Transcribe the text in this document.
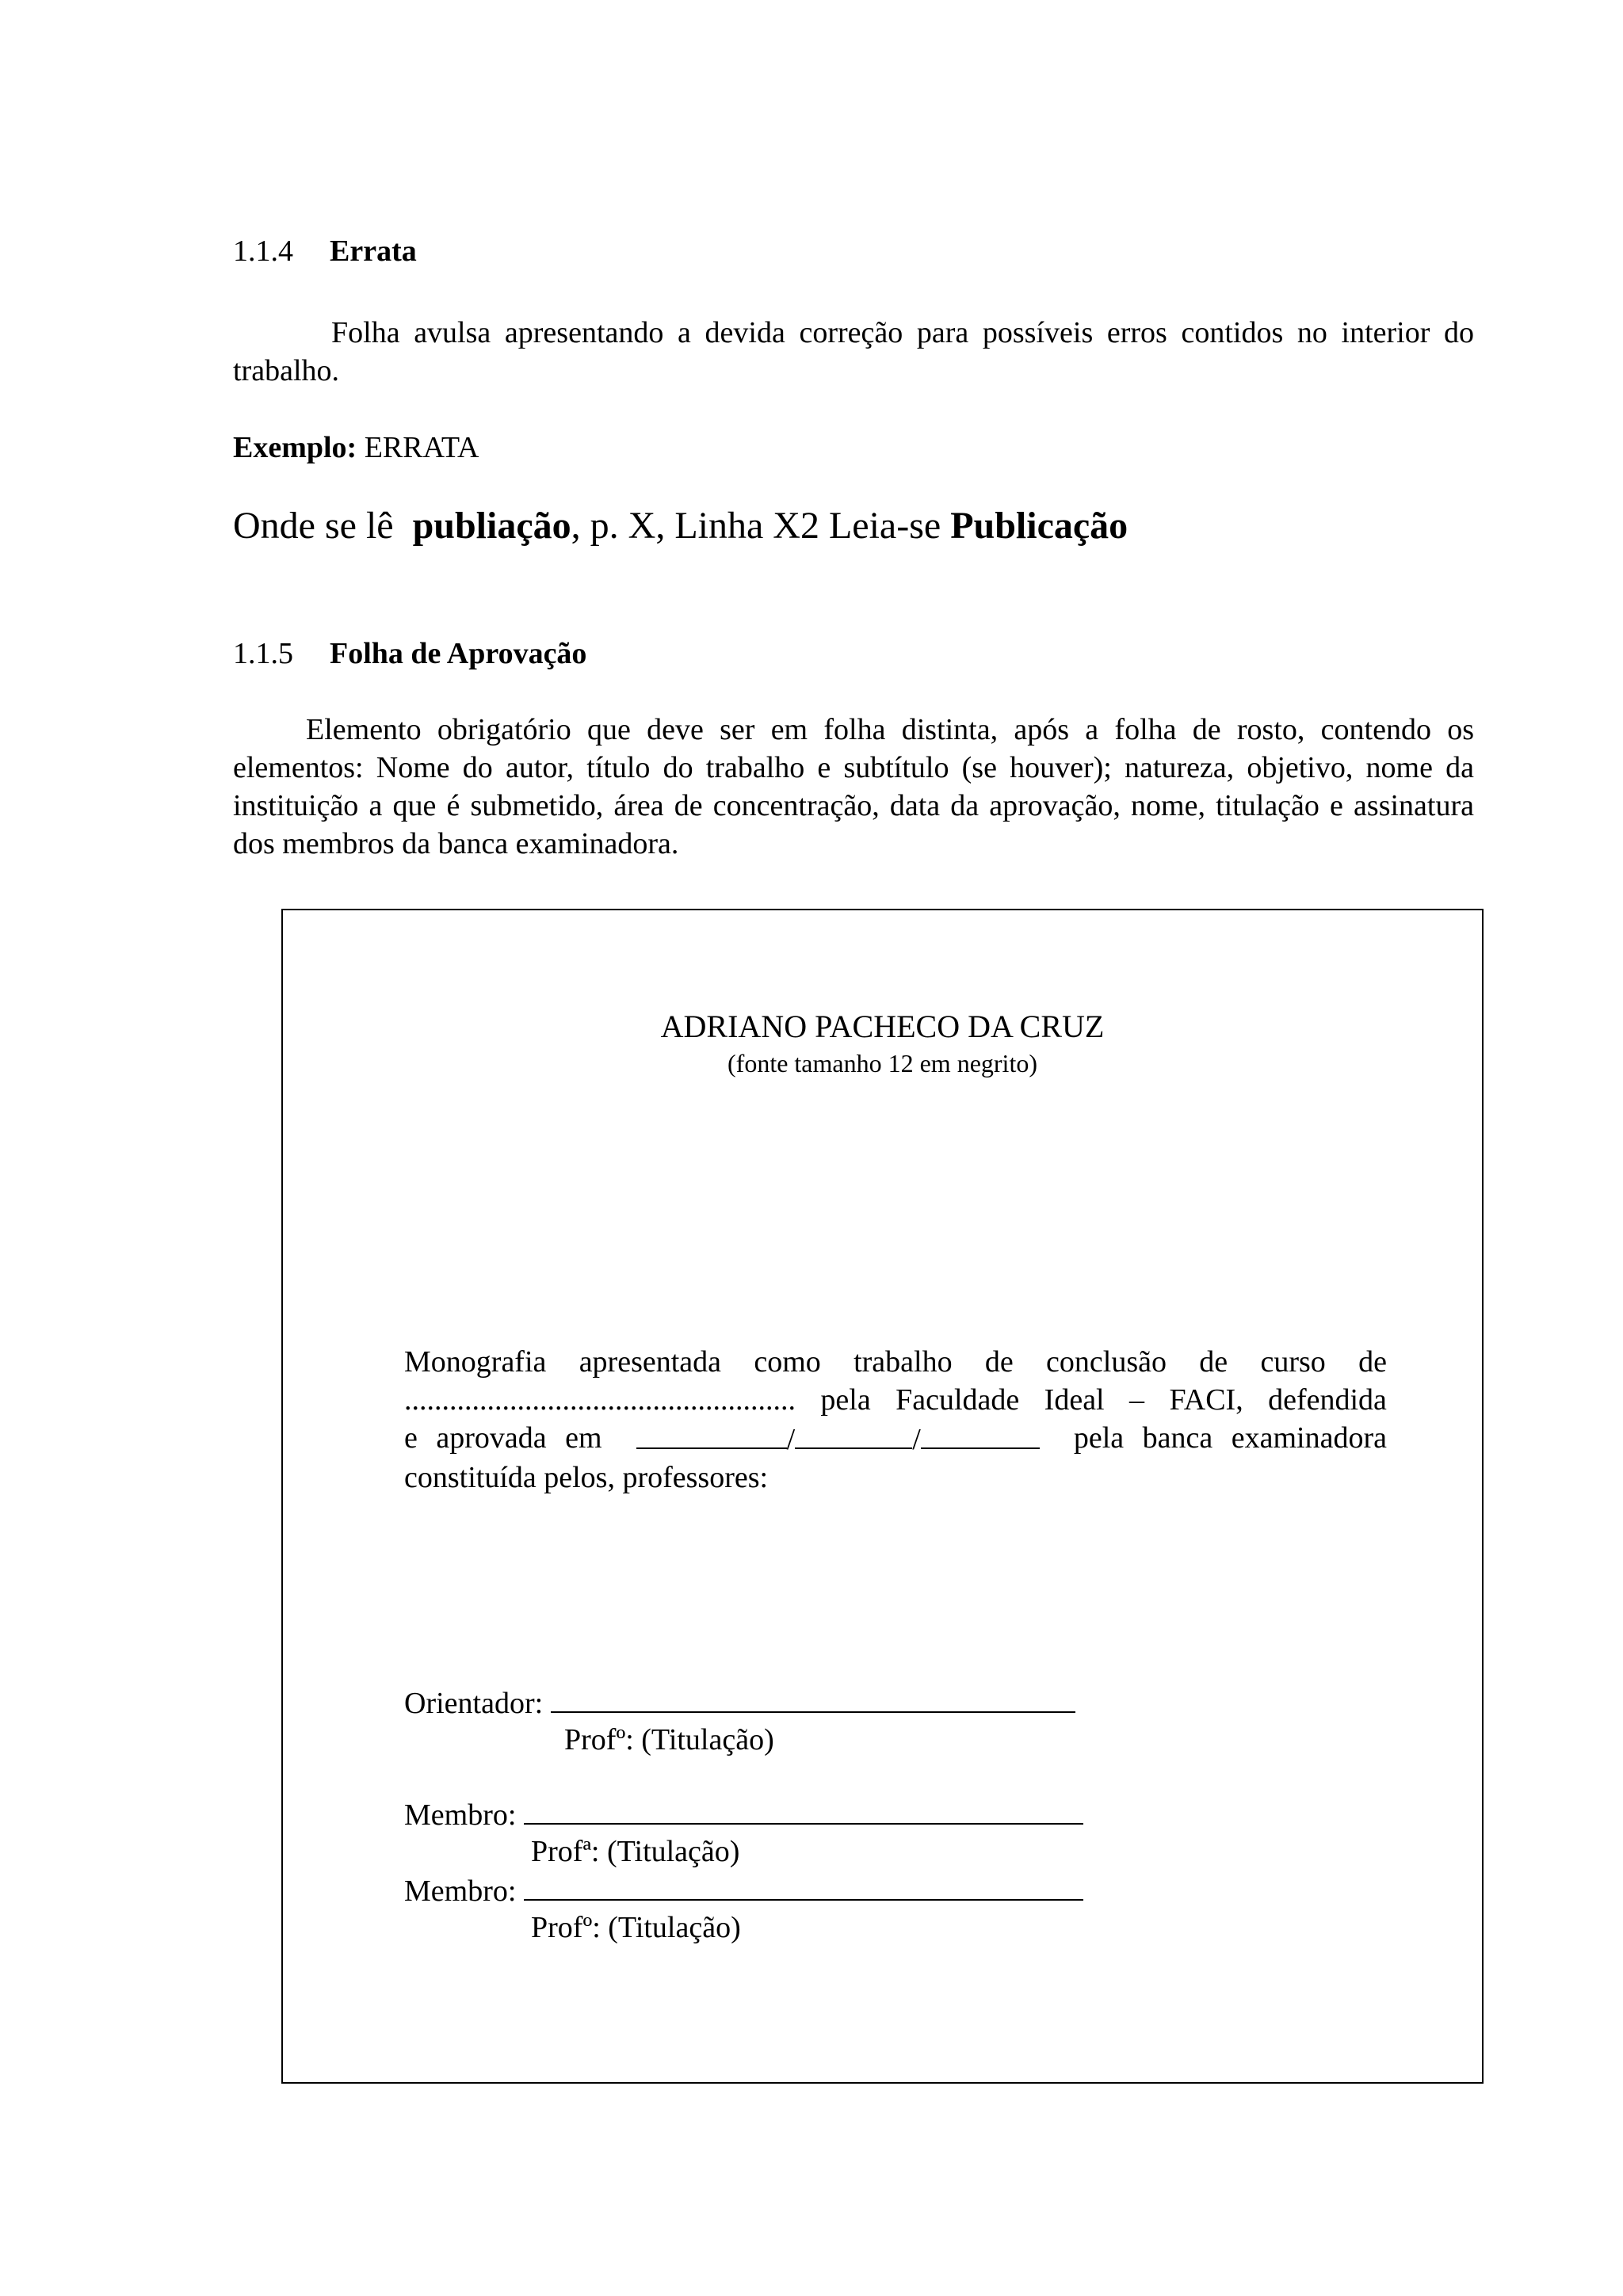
1.1.4 Errata
Folha avulsa apresentando a devida correção para possíveis erros contidos no interior do trabalho.
Exemplo: ERRATA
Onde se lê  publiação, p. X, Linha X2 Leia-se Publicação
1.1.5 Folha de Aprovação
Elemento obrigatório que deve ser em folha distinta, após a folha de rosto, contendo os elementos: Nome do autor, título do trabalho e subtítulo (se houver); natureza, objetivo, nome da instituição a que é submetido, área de concentração, data da aprovação, nome, titulação e assinatura dos membros da banca examinadora.
ADRIANO PACHECO DA CRUZ
(fonte tamanho 12 em negrito)
Monografia apresentada como trabalho de conclusão de curso de
.................................................... pela Faculdade Ideal – FACI, defendida
e aprovada em	/	/	pela banca examinadora
constituída pelos, professores:
Orientador:
Profº: (Titulação)
Membro:
Profª: (Titulação)
Membro:
Profº: (Titulação)
